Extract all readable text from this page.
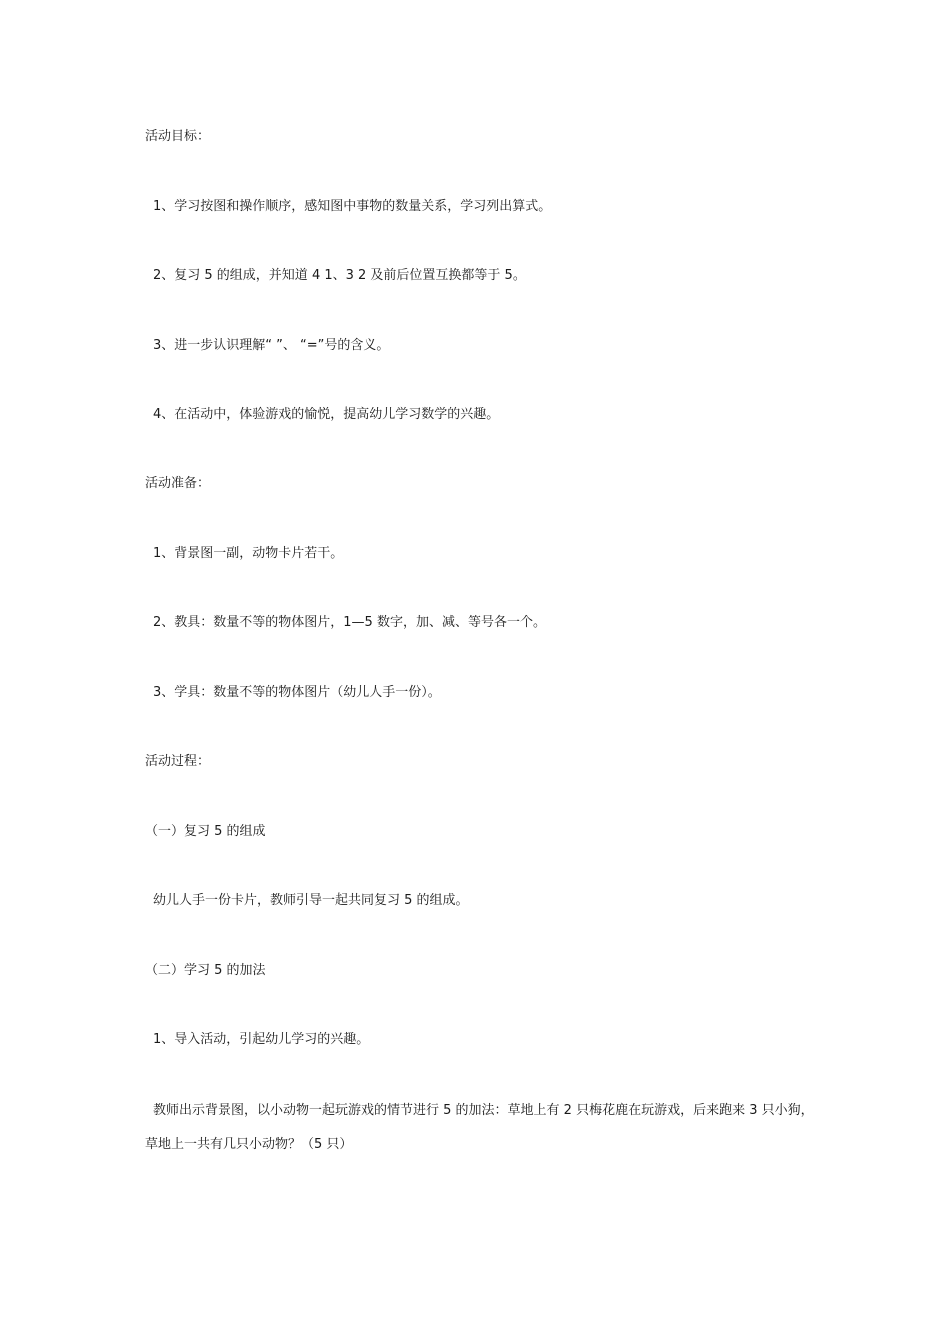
活动目标：
1、学习按图和操作顺序，感知图中事物的数量关系，学习列出算式。
2、复习 5 的组成，并知道 4 1、3 2 及前后位置互换都等于 5。
3、进一步认识理解“ ”、 “=”号的含义。
4、在活动中，体验游戏的愉悦，提高幼儿学习数学的兴趣。
活动准备：
1、背景图一副，动物卡片若干。
2、教具：数量不等的物体图片，1—5 数字，加、减、等号各一个。
3、学具：数量不等的物体图片（幼儿人手一份）。
活动过程：
（一）复习 5 的组成
幼儿人手一份卡片，教师引导一起共同复习 5 的组成。
（二）学习 5 的加法
1、导入活动，引起幼儿学习的兴趣。
教师出示背景图，以小动物一起玩游戏的情节进行 5 的加法：草地上有 2 只梅花鹿在玩游戏，后来跑来 3 只小狗，草地上一共有几只小动物？（5 只）
